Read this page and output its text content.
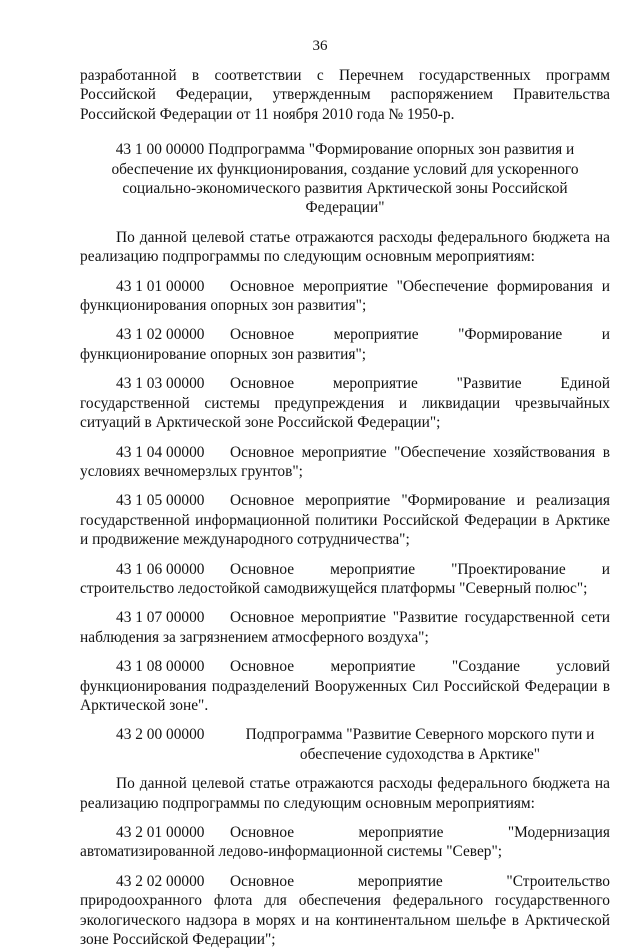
36

разработанной в соответствии с Перечнем государственных программ Российской Федерации, утвержденным распоряжением Правительства Российской Федерации от 11 ноября 2010 года № 1950-р.

43 1 00 00000 Подпрограмма "Формирование опорных зон развития и обеспечение их функционирования, создание условий для ускоренного социально-экономического развития Арктической зоны Российской Федерации"

По данной целевой статье отражаются расходы федерального бюджета на реализацию подпрограммы по следующим основным мероприятиям:

43 1 01 00000 Основное мероприятие "Обеспечение формирования и функционирования опорных зон развития";

43 1 02 00000 Основное мероприятие "Формирование и функционирование опорных зон развития";

43 1 03 00000 Основное мероприятие "Развитие Единой государственной системы предупреждения и ликвидации чрезвычайных ситуаций в Арктической зоне Российской Федерации";

43 1 04 00000 Основное мероприятие "Обеспечение хозяйствования в условиях вечномерзлых грунтов";

43 1 05 00000 Основное мероприятие "Формирование и реализация государственной информационной политики Российской Федерации в Арктике и продвижение международного сотрудничества";

43 1 06 00000 Основное мероприятие "Проектирование и строительство ледостойкой самодвижущейся платформы "Северный полюс";

43 1 07 00000 Основное мероприятие "Развитие государственной сети наблюдения за загрязнением атмосферного воздуха";

43 1 08 00000 Основное мероприятие "Создание условий функционирования подразделений Вооруженных Сил Российской Федерации в Арктической зоне".

43 2 00 00000	Подпрограмма "Развитие Северного морского пути и обеспечение судоходства в Арктике"

По данной целевой статье отражаются расходы федерального бюджета на реализацию подпрограммы по следующим основным мероприятиям:

43 2 01 00000 Основное мероприятие "Модернизация автоматизированной ледово-информационной системы "Север";

43 2 02 00000 Основное мероприятие "Строительство природоохранного флота для обеспечения федерального государственного экологического надзора в морях и на континентальном шельфе в Арктической зоне Российской Федерации";
